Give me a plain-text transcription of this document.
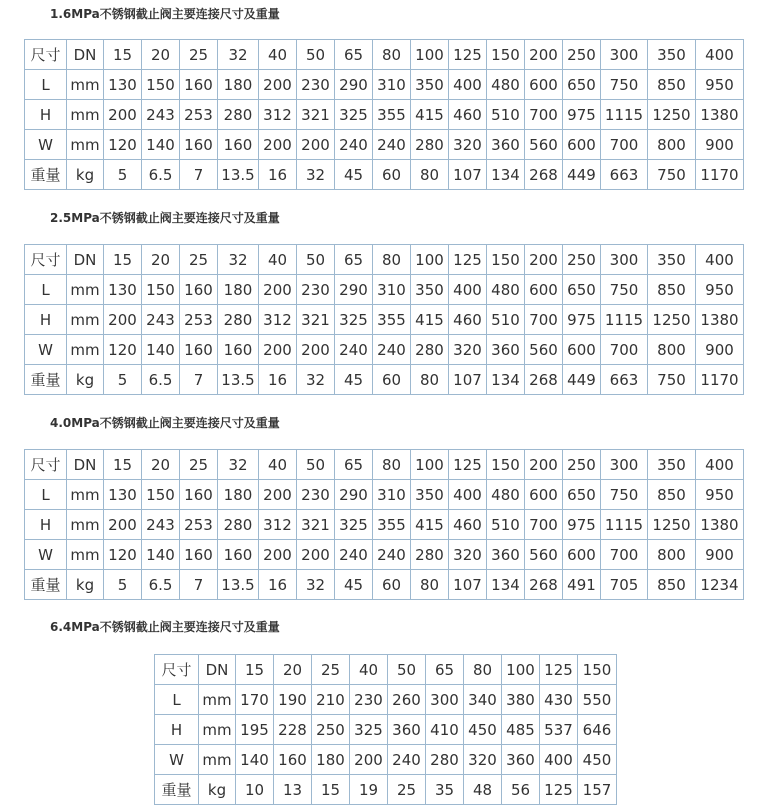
1.6MPa不锈钢截止阀主要连接尺寸及重量
尺寸	DN	15	20	25	32	40	50	65	80	100	125	150	200	250	300	350	400
L	mm	130	150	160	180	200	230	290	310	350	400	480	600	650	750	850	950
H	mm	200	243	253	280	312	321	325	355	415	460	510	700	975	1115	1250	1380
W	mm	120	140	160	160	200	200	240	240	280	320	360	560	600	700	800	900
重量	kg	5	6.5	7	13.5	16	32	45	60	80	107	134	268	449	663	750	1170
2.5MPa不锈钢截止阀主要连接尺寸及重量
尺寸	DN	15	20	25	32	40	50	65	80	100	125	150	200	250	300	350	400
L	mm	130	150	160	180	200	230	290	310	350	400	480	600	650	750	850	950
H	mm	200	243	253	280	312	321	325	355	415	460	510	700	975	1115	1250	1380
W	mm	120	140	160	160	200	200	240	240	280	320	360	560	600	700	800	900
重量	kg	5	6.5	7	13.5	16	32	45	60	80	107	134	268	449	663	750	1170
4.0MPa不锈钢截止阀主要连接尺寸及重量
尺寸	DN	15	20	25	32	40	50	65	80	100	125	150	200	250	300	350	400
L	mm	130	150	160	180	200	230	290	310	350	400	480	600	650	750	850	950
H	mm	200	243	253	280	312	321	325	355	415	460	510	700	975	1115	1250	1380
W	mm	120	140	160	160	200	200	240	240	280	320	360	560	600	700	800	900
重量	kg	5	6.5	7	13.5	16	32	45	60	80	107	134	268	491	705	850	1234
6.4MPa不锈钢截止阀主要连接尺寸及重量
尺寸	DN	15	20	25	40	50	65	80	100	125	150
L	mm	170	190	210	230	260	300	340	380	430	550
H	mm	195	228	250	325	360	410	450	485	537	646
W	mm	140	160	180	200	240	280	320	360	400	450
重量	kg	10	13	15	19	25	35	48	56	125	157
